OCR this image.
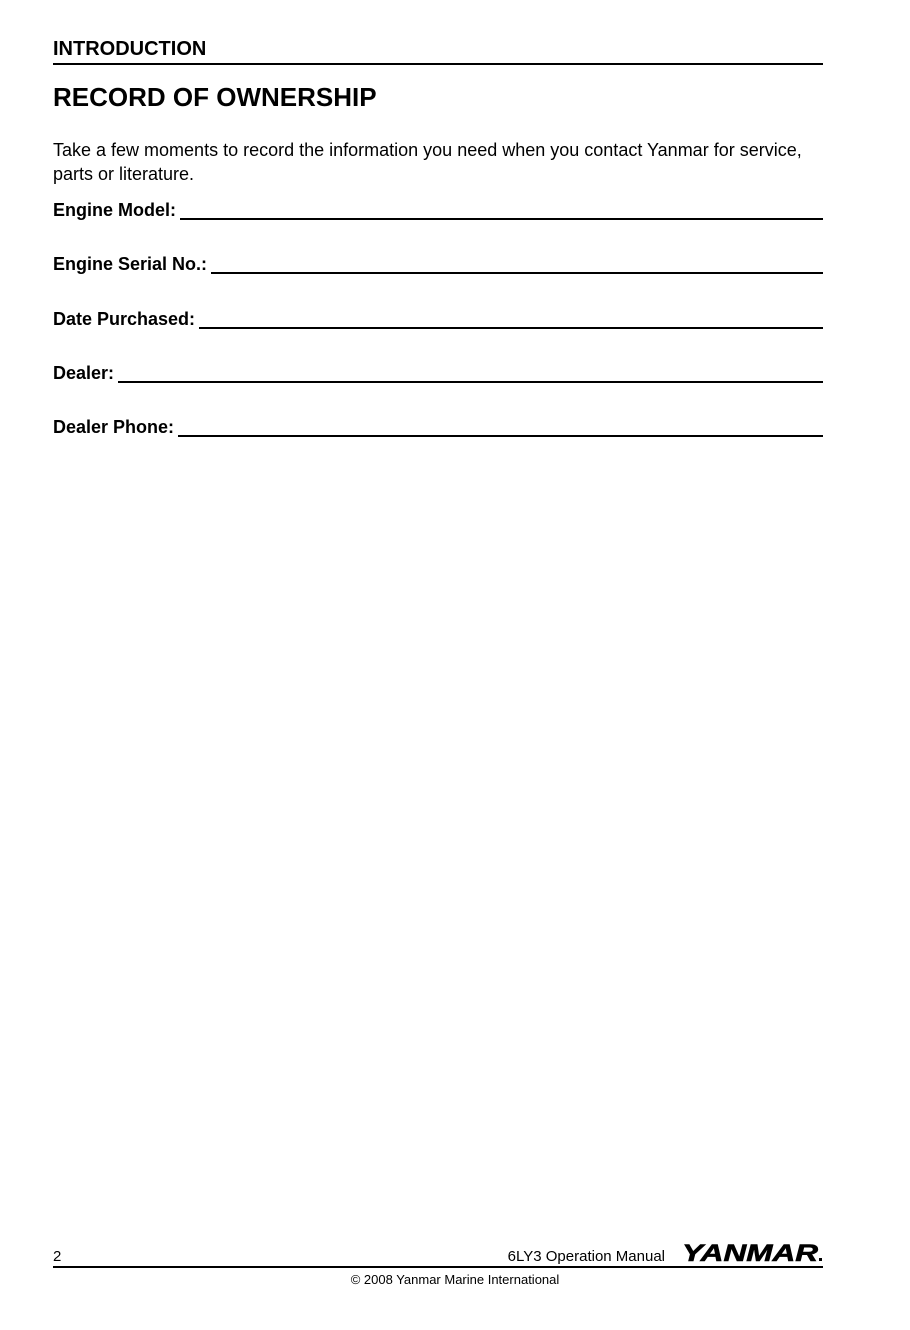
INTRODUCTION
RECORD OF OWNERSHIP

Take a few moments to record the information you need when you contact Yanmar for service, parts or literature.

Engine Model:
Engine Serial No.:
Date Purchased:
Dealer:
Dealer Phone:
2	6LY3 Operation Manual YANMAR
© 2008 Yanmar Marine International
